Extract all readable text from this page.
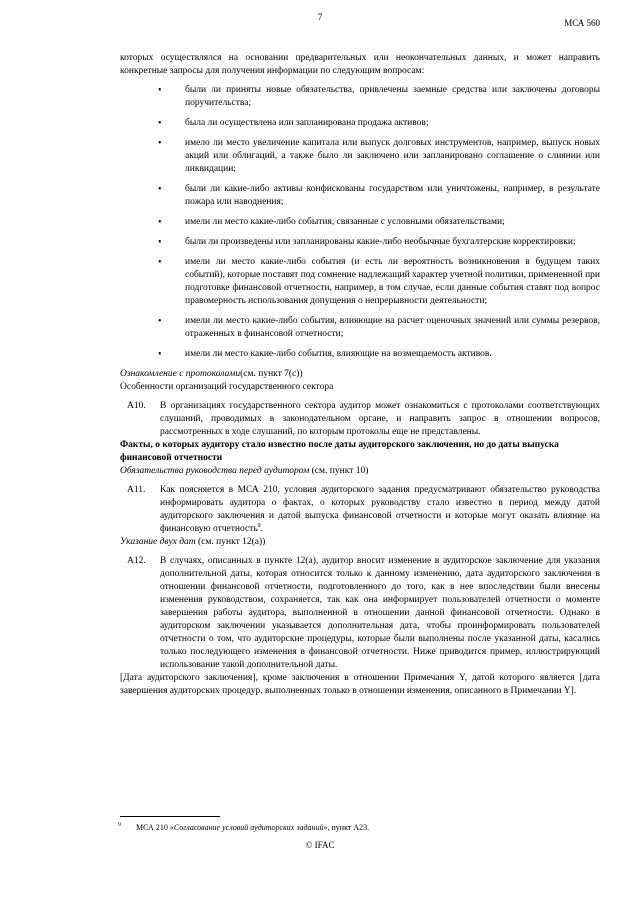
7
МСА 560

которых осуществлялся на основании предварительных или неокончательных данных, и может направить конкретные запросы для получения информации по следующим вопросам:

• были ли приняты новые обязательства, привлечены заемные средства или заключены договоры поручительства;
• была ли осуществлена или запланирована продажа активов;
• имело ли место увеличение капитала или выпуск долговых инструментов, например, выпуск новых акций или облигаций, а также было ли заключено или запланировано соглашение о слиянии или ликвидации;
• были ли какие-либо активы конфискованы государством или уничтожены, например, в результате пожара или наводнения;
• имели ли место какие-либо события, связанные с условными обязательствами;
• были ли произведены или запланированы какие-либо необычные бухгалтерские корректировки;
• имели ли место какие-либо события (и есть ли вероятность возникновения в будущем таких событий), которые поставят под сомнение надлежащий характер учетной политики, примененной при подготовке финансовой отчетности, например, в том случае, если данные события ставят под вопрос правомерность использования допущения о непрерывности деятельности;
• имели ли место какие-либо события, влияющие на расчет оценочных значений или суммы резервов, отраженных в финансовой отчетности;
• имели ли место какие-либо события, влияющие на возмещаемость активов.

Ознакомление с протоколами(см. пункт 7(с))

Особенности организаций государственного сектора

A10. В организациях государственного сектора аудитор может ознакомиться с протоколами соответствующих слушаний, проводимых в законодательном органе, и направить запрос в отношении вопросов, рассмотренных в ходе слушаний, по которым протоколы еще не представлены.

Факты, о которых аудитору стало известно после даты аудиторского заключения, но до даты выпуска финансовой отчетности

Обязательства руководства перед аудитором (см. пункт 10)

A11. Как поясняется в МСА 210, условия аудиторского задания предусматривают обязательство руководства информировать аудитора о фактах, о которых руководству стало известно в период между датой аудиторского заключения и датой выпуска финансовой отчетности и которые могут оказать влияние на финансовую отчетность$^9$.

Указание двух дат (см. пункт 12(а))

A12. В случаях, описанных в пункте 12(а), аудитор вносит изменение в аудиторское заключение для указания дополнительной даты, которая относится только к данному изменению, дата аудиторского заключения в отношении финансовой отчетности, подготовленного до того, как в нее впоследствии были внесены изменения руководством, сохраняется, так как она информирует пользователей отчетности о моменте завершения работы аудитора, выполненной в отношении данной финансовой отчетности. Однако в аудиторском заключении указывается дополнительная дата, чтобы проинформировать пользователей отчетности о том, что аудиторские процедуры, которые были выполнены после указанной даты, касались только последующего изменения в финансовой отчетности. Ниже приводится пример, иллюстрирующий использование такой дополнительной даты.

[Дата аудиторского заключения], кроме заключения в отношении Примечания Y, датой которого является [дата завершения аудиторских процедур, выполненных только в отношении изменения, описанного в Примечании Y].

9 МСА 210 «Согласование условий аудиторских заданий», пункт A23.
© IFAC
